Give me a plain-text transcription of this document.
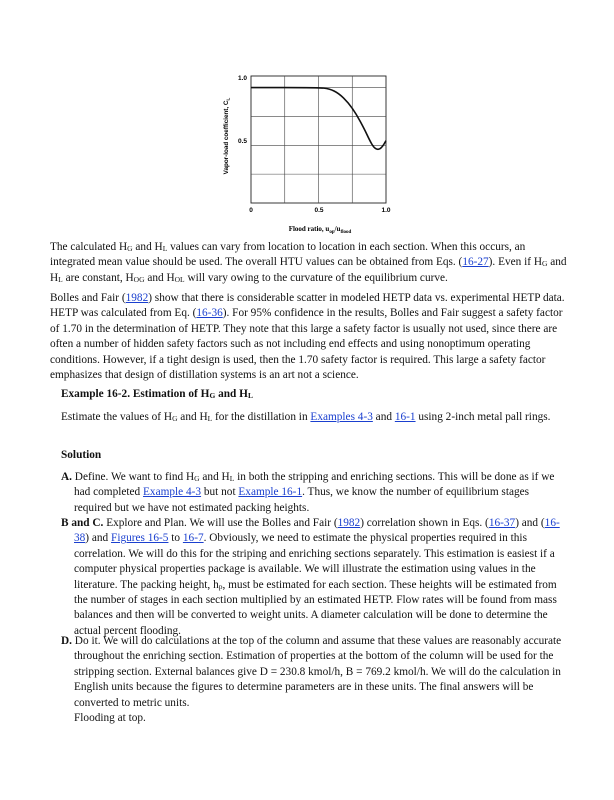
1.0
0.5
0	0.5	1.0
Vapor-load coefficient, $C_L$
Flood ratio, $u_{op}/u_{flood}$

The calculated $H_G$ and $H_L$ values can vary from location to location in each section. When this occurs, an integrated mean value should be used. The overall HTU values can be obtained from Eqs. (16-27). Even if $H_G$ and $H_L$ are constant, $H_{OG}$ and $H_{OL}$ will vary owing to the curvature of the equilibrium curve.

Bolles and Fair (1982) show that there is considerable scatter in modeled HETP data vs. experimental HETP data. HETP was calculated from Eq. (16-36). For 95% confidence in the results, Bolles and Fair suggest a safety factor of 1.70 in the determination of HETP. They note that this large a safety factor is usually not used, since there are often a number of hidden safety factors such as not including end effects and using nonoptimum operating conditions. However, if a tight design is used, then the 1.70 safety factor is required. This large a safety factor emphasizes that design of distillation systems is an art not a science.

Example 16-2. Estimation of $H_G$ and $H_L$

Estimate the values of $H_G$ and $H_L$ for the distillation in Examples 4-3 and 16-1 using 2-inch metal pall rings.

Solution

A. Define. We want to find $H_G$ and $H_L$ in both the stripping and enriching sections. This will be done as if we had completed Example 4-3 but not Example 16-1. Thus, we know the number of equilibrium stages required but we have not estimated packing heights.

B and C. Explore and Plan. We will use the Bolles and Fair (1982) correlation shown in Eqs. (16-37) and (16-38) and Figures 16-5 to 16-7. Obviously, we need to estimate the physical properties required in this correlation. We will do this for the striping and enriching sections separately. This estimation is easiest if a computer physical properties package is available. We will illustrate the estimation using values in the literature. The packing height, $h_p$, must be estimated for each section. These heights will be estimated from the number of stages in each section multiplied by an estimated HETP. Flow rates will be found from mass balances and then will be converted to weight units. A diameter calculation will be done to determine the actual percent flooding.

D. Do it. We will do calculations at the top of the column and assume that these values are reasonably accurate throughout the enriching section. Estimation of properties at the bottom of the column will be used for the stripping section. External balances give D = 230.8 kmol/h, B = 769.2 kmol/h. We will do the calculation in English units because the figures to determine parameters are in these units. The final answers will be converted to metric units.

Flooding at top.
